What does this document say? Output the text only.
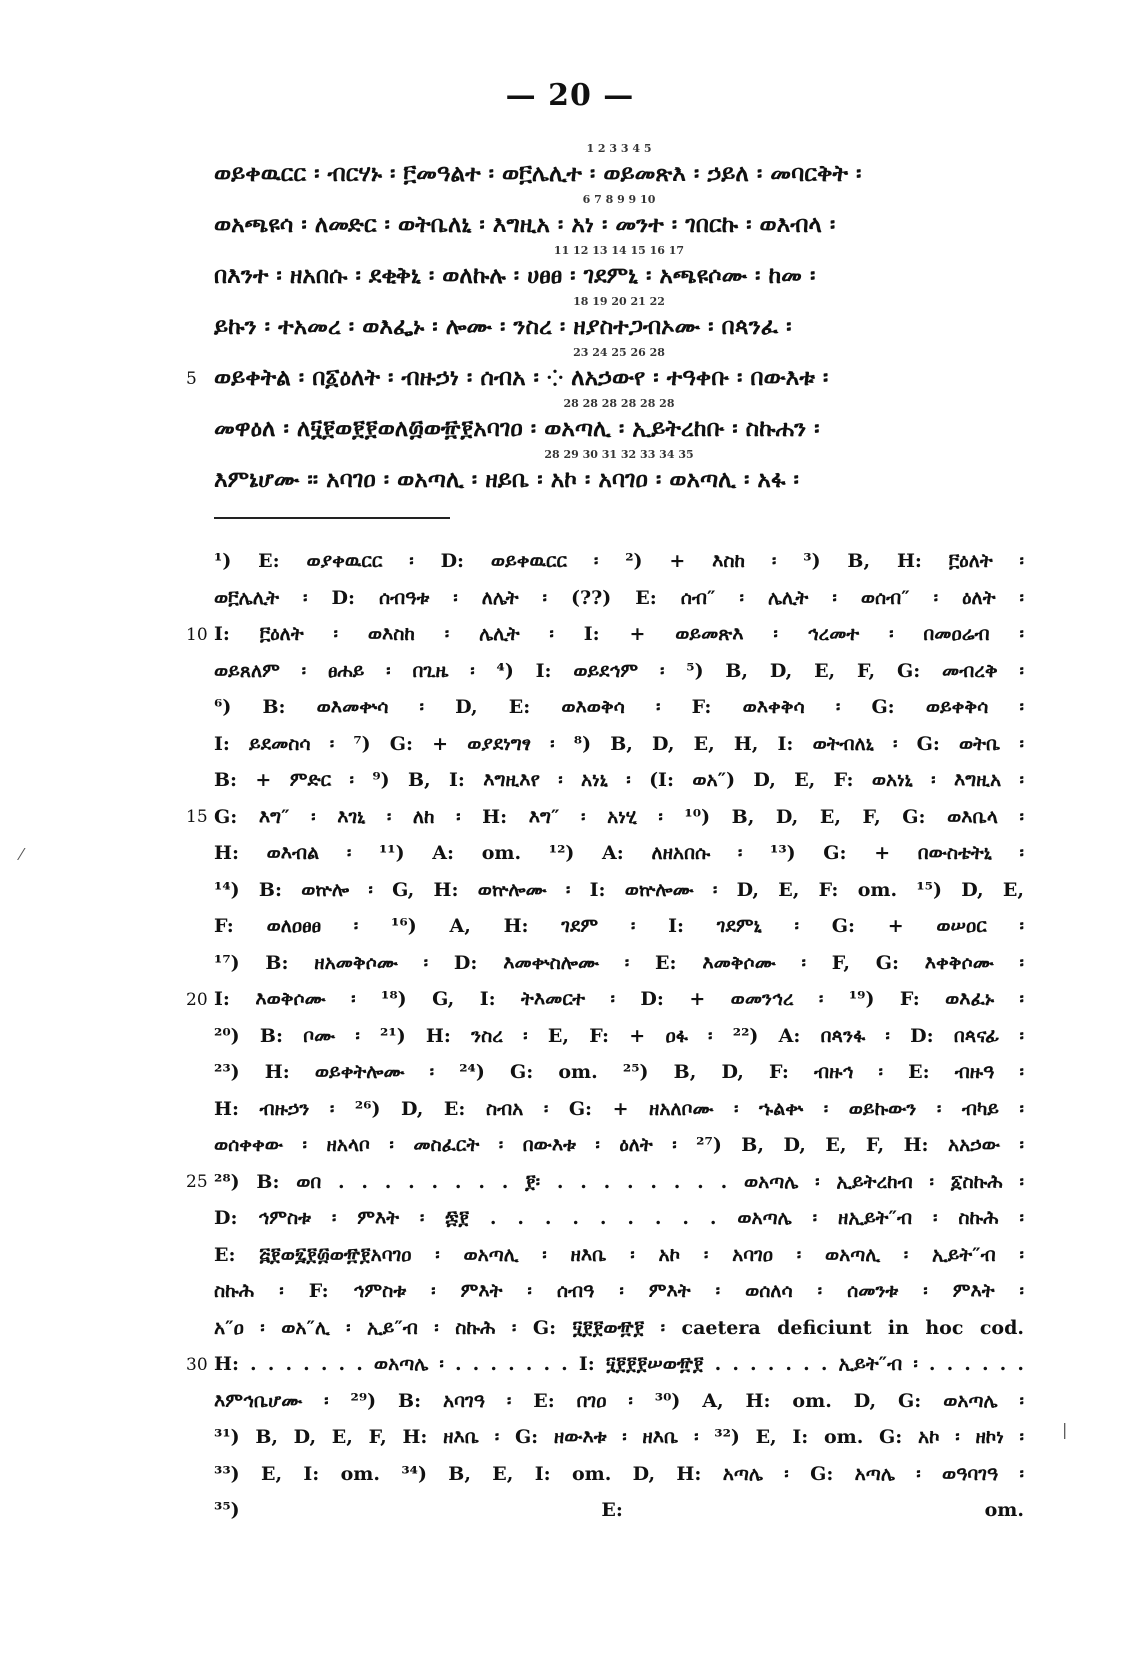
— 20 —
1 2 3 3 4 5
ወይቀዉርር ፡ ብርሃኑ ፡ ፫መዓልተ ፡ ወ፫ሌሊተ ፡ ወይመጽእ ፡ ኃይለ ፡ መባርቅት ፡
6 7 8 9 9 10
ወአጫዩሳ ፡ ለመድር ፡ ወትቤለኒ ፡ እግዚአ ፡ አነ ፡ መንተ ፡ ገበርኩ ፡ ወእብላ ፡
11 12 13 14 15 16 17
በእንተ ፡ ዘአበሱ ፡ ደቂቅኒ ፡ ወለኩሉ ፡ ሀፀፀ ፡ ገደምኒ ፡ አጫዩሶሙ ፡ ከመ ፡
18 19 20 21 22
ይኩን ፡ ተአመረ ፡ ወእፌኑ ፡ ሎሙ ፡ ንስረ ፡ ዘያስተጋብኦሙ ፡ በጳንፈ ፡
23 24 25 26 28
5 ወይቀትል ፡ በ፩ዕለት ፡ ብዙኃነ ፡ ሰብአ ፡ ⁘ ለአኃውየ ፡ ተዓቀቡ ፡ በውእቱ ፡
28 28 28 28 28 28
መዋዕለ ፡ ለ፶፻ወ፻፻ወለ፴ወ፹፻አባገዐ ፡ ወአጣሊ ፡ ኢይትረከቡ ፡ ስኩሐን ፡
28 29 30 31 32 33 34 35
እምኔሆሙ ፡፡ አባገዐ ፡ ወአጣሊ ፡ ዘይቤ ፡ አኮ ፡ አባገዐ ፡ ወአጣሊ ፡ አፋ ፡
¹) E: ወያቀዉርር ፡ D: ወይቀዉርር ፡ ²) + እስከ ፡ ³) B, H: ፫ዕለት ፡
ወ፫ሌሊት ፡ D: ሰብዓቱ ፡ ለሌት ፡ (??) E: ሰብ″ ፡ ሌሊት ፡ ወሰብ″ ፡ ዕለት ፡
10 I: ፫ዕለት ፡ ወእስከ ፡ ሌሊት ፡ I: + ወይመጽእ ፡ ኅረመተ ፡ በመዐሬብ ፡
ወይጸለም ፡ ፀሐይ ፡ በጊዜ ፡ ⁴) I: ወይደኅም ፡ ⁵) B, D, E, F, G: መብረቅ ፡
⁶) B: ወእመቍሳ ፡ D, E: ወእወቅሳ ፡ F: ወእቀቅሳ ፡ G: ወይቀቅሳ ፡
I: ይደመስሳ ፡ ⁷) G: + ወያደነግፃ ፡ ⁸) B, D, E, H, I: ወትብለኒ ፡ G: ወትቤ ፡
B: + ምድር ፡ ⁹) B, I: እግዚእየ ፡ አነኒ ፡ (I: ወአ″) D, E, F: ወአነኒ ፡ እግዚአ ፡
15 G: እግ″ ፡ እገኒ ፡ ለከ ፡ H: እግ″ ፡ አነሂ ፡ ¹⁰) B, D, E, F, G: ወእቤላ ፡
H: ወእብል ፡ ¹¹) A: om. ¹²) A: ለዘአበሱ ፡ ¹³) G: + በውስቴትኒ ፡
¹⁴) B: ወኵሎ ፡ G, H: ወኵሎሙ ፡ I: ወኵሎሙ ፡ D, E, F: om. ¹⁵) D, E,
F: ወለዐፀፀ ፡ ¹⁶) A, H: ገደም ፡ I: ገደምኒ ፡ G: + ወሠዐር ፡
¹⁷) B: ዘአመቅሶሙ ፡ D: እመቍስሎሙ ፡ E: እመቅሶሙ ፡ F, G: እቀቅሶሙ ፡
20 I: እወቅሶሙ ፡ ¹⁸) G, I: ትእመርተ ፡ D: + ወመንኅረ ፡ ¹⁹) F: ወእፈኑ ፡
²⁰) B: ቦሙ ፡ ²¹) H: ንስረ ፡ E, F: + ዐፋ ፡ ²²) A: በጳንፋ ፡ D: በጳናፊ ፡
²³) H: ወይቀትሎሙ ፡ ²⁴) G: om. ²⁵) B, D, F: ብዙኅ ፡ E: ብዙዓ ፡
H: ብዙኃን ፡ ²⁶) D, E: ስብአ ፡ G: + ዘአለቦሙ ፡ ኁልቍ ፡ ወይኩውን ፡ ብካይ ፡
ወሰቀቀው ፡ ዘአላቦ ፡ መስፈርት ፡ በውእቱ ፡ ዕለት ፡ ²⁷) B, D, E, F, H: አአኃው ፡
25 ²⁸) B: ወበ . . . . . . . . ፻፡ . . . . . . . . ወአጣሌ ፡ ኢይትረከብ ፡ ፩ስኩሕ ፡
D: ኅምስቱ ፡ ምእት ፡ ፷፻ . . . . . . . . . ወአጣሌ ፡ ዘኢይት″ብ ፡ ስኩሕ ፡
E: ፭፻ወ፯፻፴ወ፹፻አባገዐ ፡ ወአጣሊ ፡ ዘእቤ ፡ አኮ ፡ አባገዐ ፡ ወአጣሊ ፡ ኢይት″ብ ፡
ስኩሕ ፡ F: ኅምስቱ ፡ ምእት ፡ ሰብዓ ፡ ምእት ፡ ወሰለሳ ፡ ሰመንቱ ፡ ምእት ፡
አ″ዐ ፡ ወአ″ሊ ፡ ኢይ″ብ ፡ ስኩሕ ፡ G: ፶፻፻ወ፹፻ ፡ caetera deficiunt in hoc cod.
30 H: . . . . . . . ወአጣሌ ፡ . . . . . . . I: ፶፻፻፻ሠወ፹፻ . . . . . . . ኢይት″ብ ፡ . . . . . .
እምኅቤሆሙ ፡ ²⁹) B: አባገዓ ፡ E: በገዐ ፡ ³⁰) A, H: om. D, G: ወአጣሌ ፡
³¹) B, D, E, F, H: ዘእቤ ፡ G: ዘውእቱ ፡ ዘእቤ ፡ ³²) E, I: om. G: አኮ ፡ ዘኮነ ፡
³³) E, I: om. ³⁴) B, E, I: om. D, H: አጣሌ ፡ G: አጣሌ ፡ ወዓባገዓ ፡
³⁵) E: om.
⁄
|
